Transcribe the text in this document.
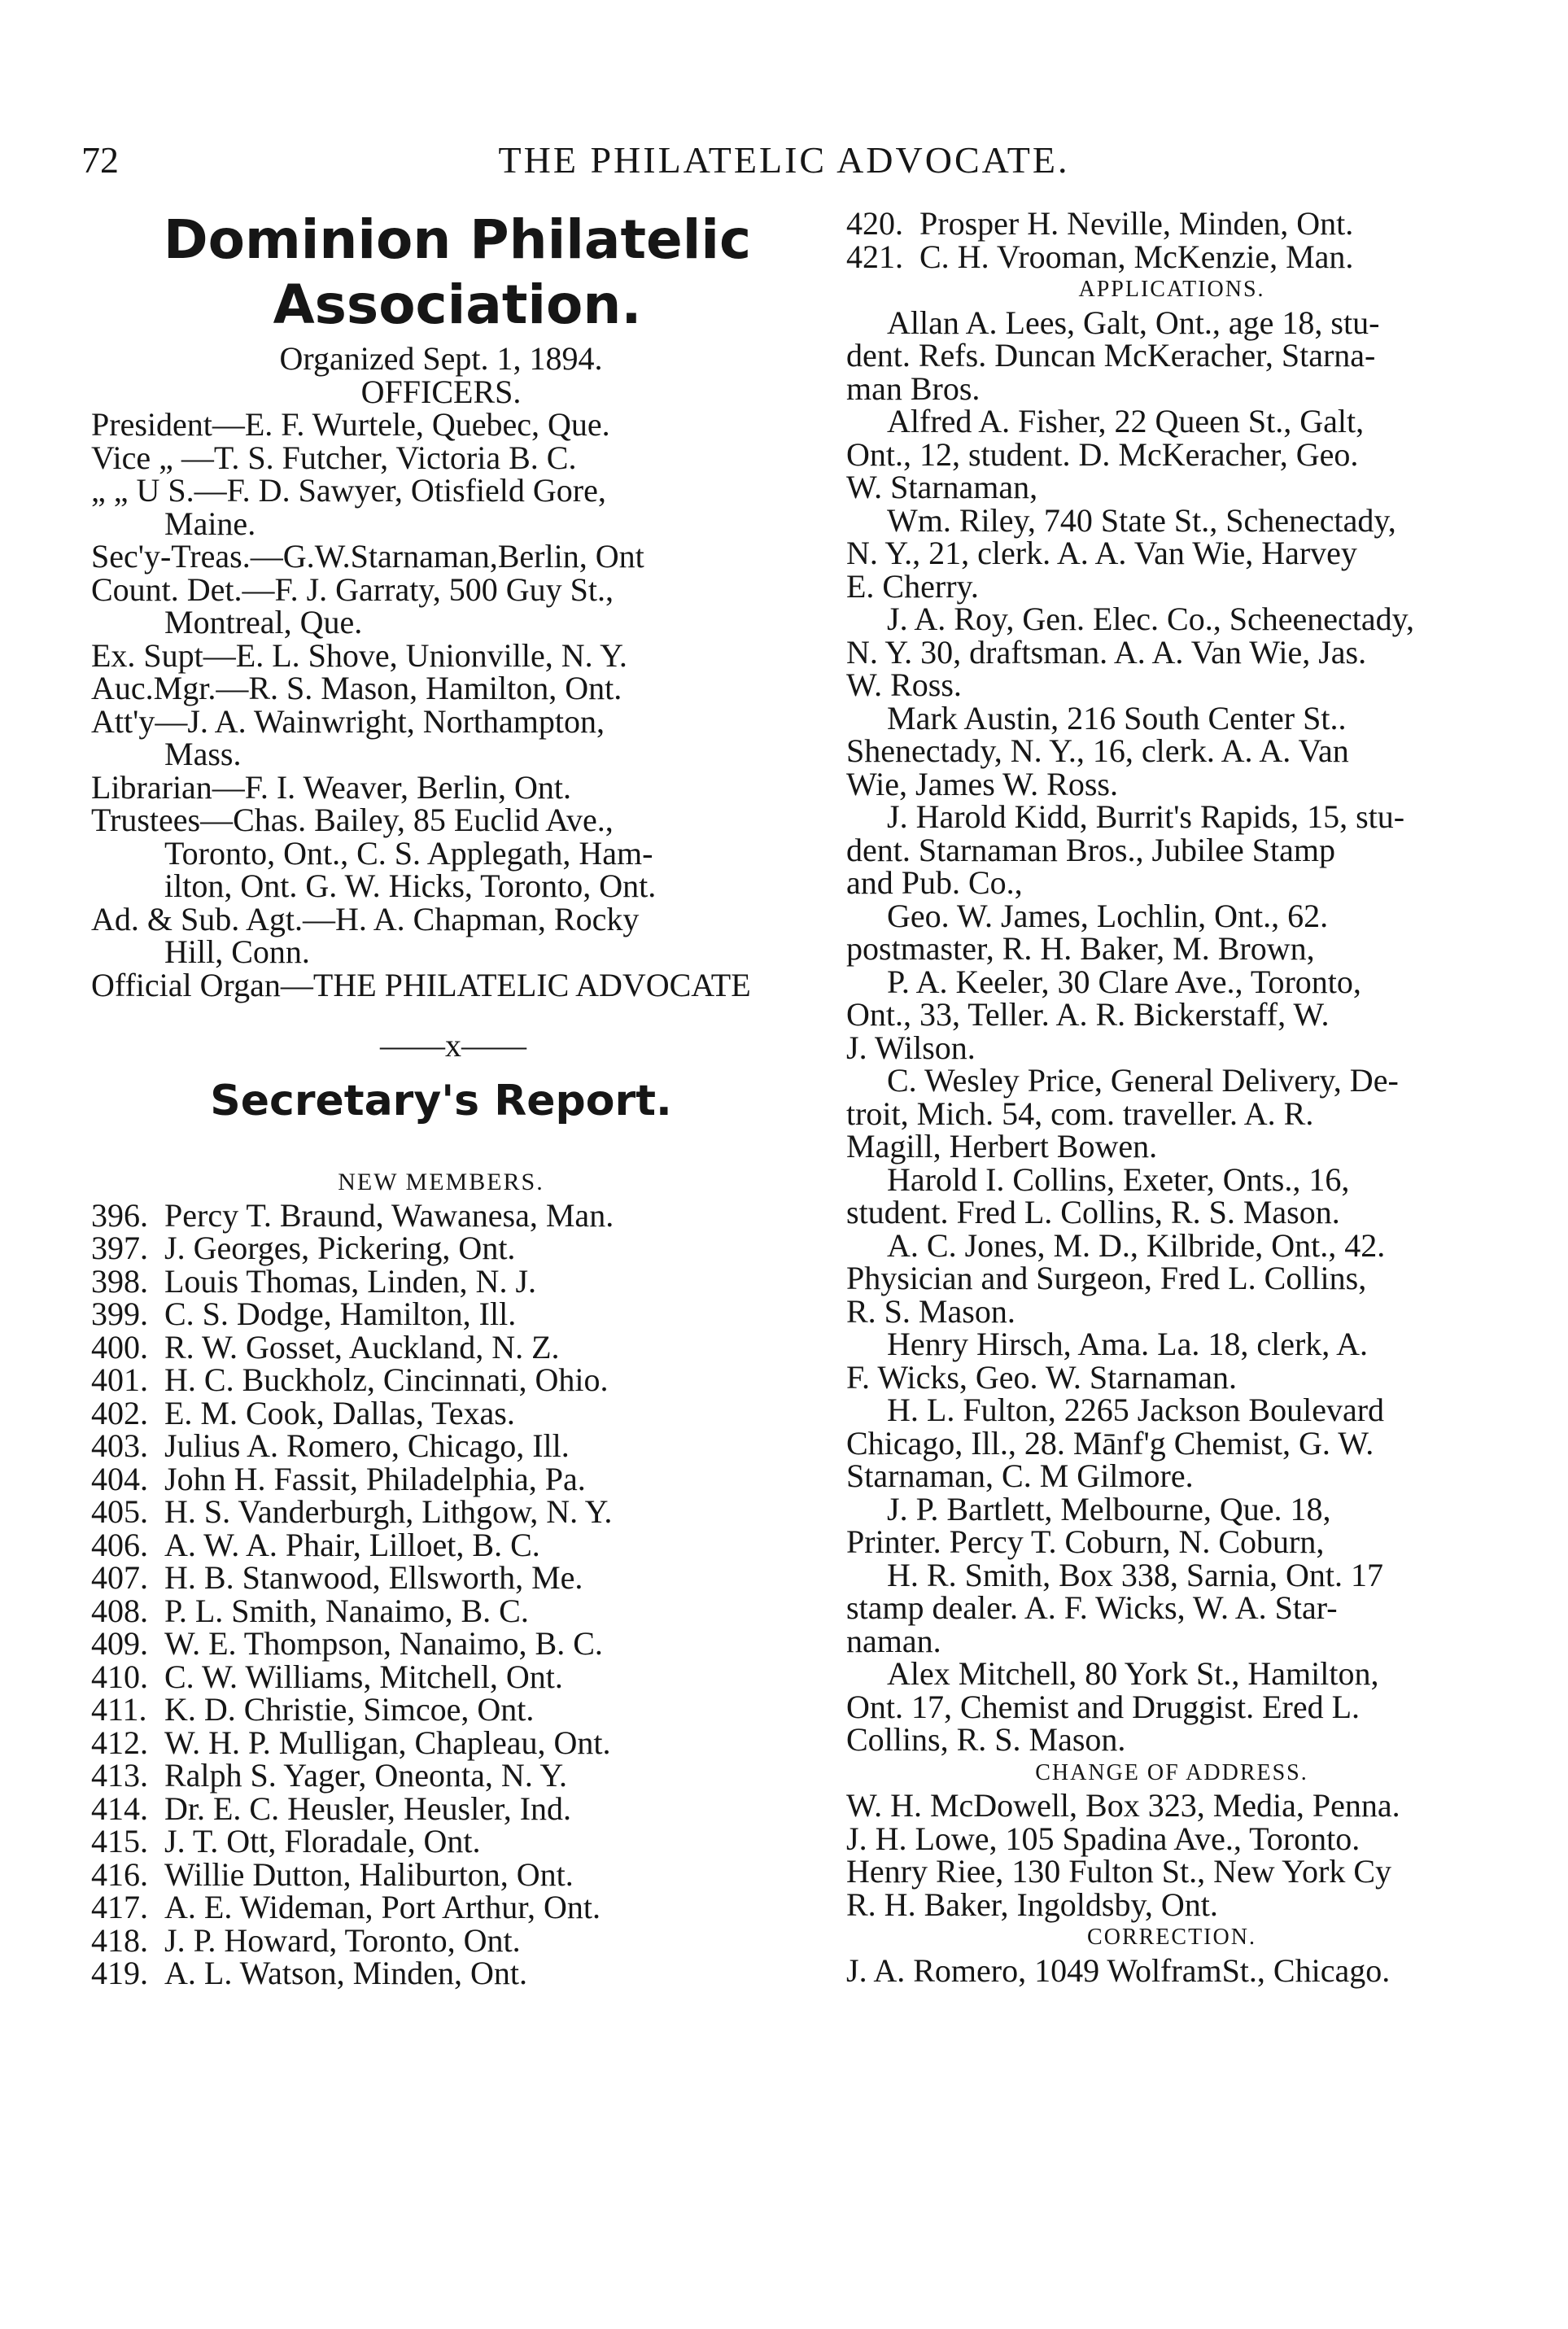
72	THE PHILATELIC ADVOCATE.
Dominion Philatelic
Association.
Organized Sept. 1, 1894.
OFFICERS.
President—E. F. Wurtele, Quebec, Que.
Vice „ —T. S. Futcher, Victoria B. C.
„ „ U S.—F. D. Sawyer, Otisfield Gore,
Maine.
Sec'y-Treas.—G.W.Starnaman,Berlin, Ont
Count. Det.—F. J. Garraty, 500 Guy St.,
Montreal, Que.
Ex. Supt—E. L. Shove, Unionville, N. Y.
Auc.Mgr.—R. S. Mason, Hamilton, Ont.
Att'y—J. A. Wainwright, Northampton,
Mass.
Librarian—F. I. Weaver, Berlin, Ont.
Trustees—Chas. Bailey, 85 Euclid Ave.,
Toronto, Ont., C. S. Applegath, Ham-
ilton, Ont. G. W. Hicks, Toronto, Ont.
Ad. & Sub. Agt.—H. A. Chapman, Rocky
Hill, Conn.
Official Organ—THE PHILATELIC ADVOCATE
——x——
Secretary's Report.
NEW MEMBERS.
396. Percy T. Braund, Wawanesa, Man.
397. J. Georges, Pickering, Ont.
398. Louis Thomas, Linden, N. J.
399. C. S. Dodge, Hamilton, Ill.
400. R. W. Gosset, Auckland, N. Z.
401. H. C. Buckholz, Cincinnati, Ohio.
402. E. M. Cook, Dallas, Texas.
403. Julius A. Romero, Chicago, Ill.
404. John H. Fassit, Philadelphia, Pa.
405. H. S. Vanderburgh, Lithgow, N. Y.
406. A. W. A. Phair, Lilloet, B. C.
407. H. B. Stanwood, Ellsworth, Me.
408. P. L. Smith, Nanaimo, B. C.
409. W. E. Thompson, Nanaimo, B. C.
410. C. W. Williams, Mitchell, Ont.
411. K. D. Christie, Simcoe, Ont.
412. W. H. P. Mulligan, Chapleau, Ont.
413. Ralph S. Yager, Oneonta, N. Y.
414. Dr. E. C. Heusler, Heusler, Ind.
415. J. T. Ott, Floradale, Ont.
416. Willie Dutton, Haliburton, Ont.
417. A. E. Wideman, Port Arthur, Ont.
418. J. P. Howard, Toronto, Ont.
419. A. L. Watson, Minden, Ont.
420. Prosper H. Neville, Minden, Ont.
421. C. H. Vrooman, McKenzie, Man.
APPLICATIONS.
Allan A. Lees, Galt, Ont., age 18, stu-
dent. Refs. Duncan McKeracher, Starna-
man Bros.
Alfred A. Fisher, 22 Queen St., Galt,
Ont., 12, student. D. McKeracher, Geo.
W. Starnaman,
Wm. Riley, 740 State St., Schenectady,
N. Y., 21, clerk. A. A. Van Wie, Harvey
E. Cherry.
J. A. Roy, Gen. Elec. Co., Scheenectady,
N. Y. 30, draftsman. A. A. Van Wie, Jas.
W. Ross.
Mark Austin, 216 South Center St..
Shenectady, N. Y., 16, clerk. A. A. Van
Wie, James W. Ross.
J. Harold Kidd, Burrit's Rapids, 15, stu-
dent. Starnaman Bros., Jubilee Stamp
and Pub. Co.,
Geo. W. James, Lochlin, Ont., 62.
postmaster, R. H. Baker, M. Brown,
P. A. Keeler, 30 Clare Ave., Toronto,
Ont., 33, Teller. A. R. Bickerstaff, W.
J. Wilson.
C. Wesley Price, General Delivery, De-
troit, Mich. 54, com. traveller. A. R.
Magill, Herbert Bowen.
Harold I. Collins, Exeter, Onts., 16,
student. Fred L. Collins, R. S. Mason.
A. C. Jones, M. D., Kilbride, Ont., 42.
Physician and Surgeon, Fred L. Collins,
R. S. Mason.
Henry Hirsch, Ama. La. 18, clerk, A.
F. Wicks, Geo. W. Starnaman.
H. L. Fulton, 2265 Jackson Boulevard
Chicago, Ill., 28. Mānf'g Chemist, G. W.
Starnaman, C. M Gilmore.
J. P. Bartlett, Melbourne, Que. 18,
Printer. Percy T. Coburn, N. Coburn,
H. R. Smith, Box 338, Sarnia, Ont. 17
stamp dealer. A. F. Wicks, W. A. Star-
naman.
Alex Mitchell, 80 York St., Hamilton,
Ont. 17, Chemist and Druggist. Ered L.
Collins, R. S. Mason.
CHANGE OF ADDRESS.
W. H. McDowell, Box 323, Media, Penna.
J. H. Lowe, 105 Spadina Ave., Toronto.
Henry Riee, 130 Fulton St., New York Cy
R. H. Baker, Ingoldsby, Ont.
CORRECTION.
J. A. Romero, 1049 WolframSt., Chicago.
